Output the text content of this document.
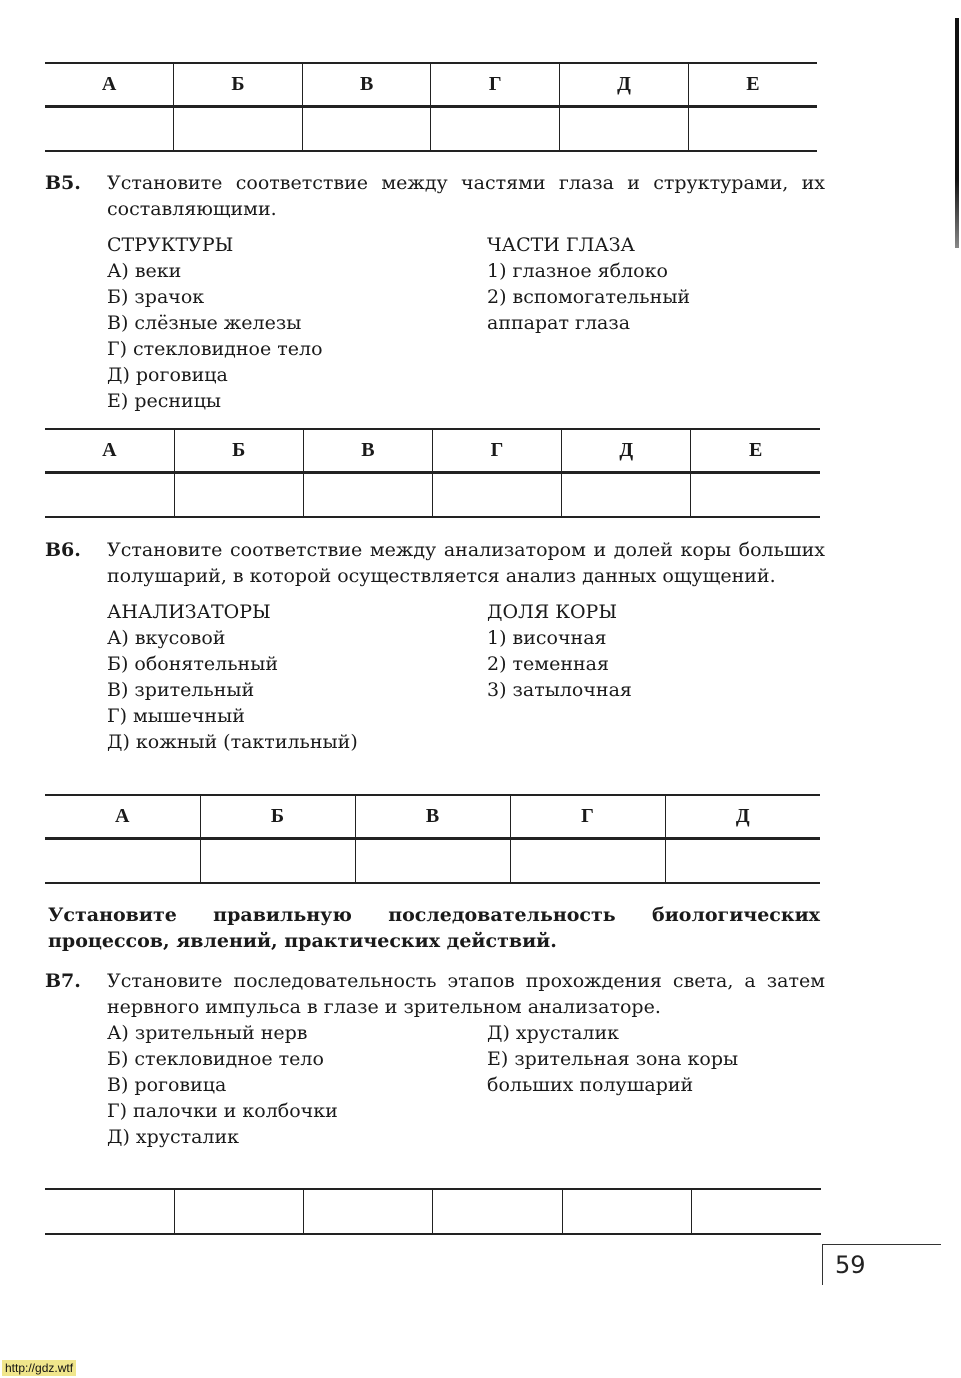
А	Б	В	Г	Д	Е

В5. Установите соответствие между частями глаза и структурами, их составляющими.
СТРУКТУРЫ
А) веки
Б) зрачок
В) слёзные железы
Г) стекловидное тело
Д) роговица
Е) ресницы
ЧАСТИ ГЛАЗА
1) глазное яблоко
2) вспомогательный
аппарат глаза
А	Б	В	Г	Д	Е

В6. Установите соответствие между анализатором и долей коры больших полушарий, в которой осуществляется анализ данных ощущений.
АНАЛИЗАТОРЫ
А) вкусовой
Б) обонятельный
В) зрительный
Г) мышечный
Д) кожный (тактильный)
ДОЛЯ КОРЫ
1) височная
2) теменная
3) затылочная
А	Б	В	Г	Д

Установите правильную последовательность биологических процессов, явлений, практических действий.
В7. Установите последовательность этапов прохождения света, а затем нервного импульса в глазе и зрительном анализаторе.
А) зрительный нерв
Б) стекловидное тело
В) роговица
Г) палочки и колбочки
Д) хрусталик
Д) хрусталик
Е) зрительная зона коры
больших полушарий

59
http://gdz.wtf
